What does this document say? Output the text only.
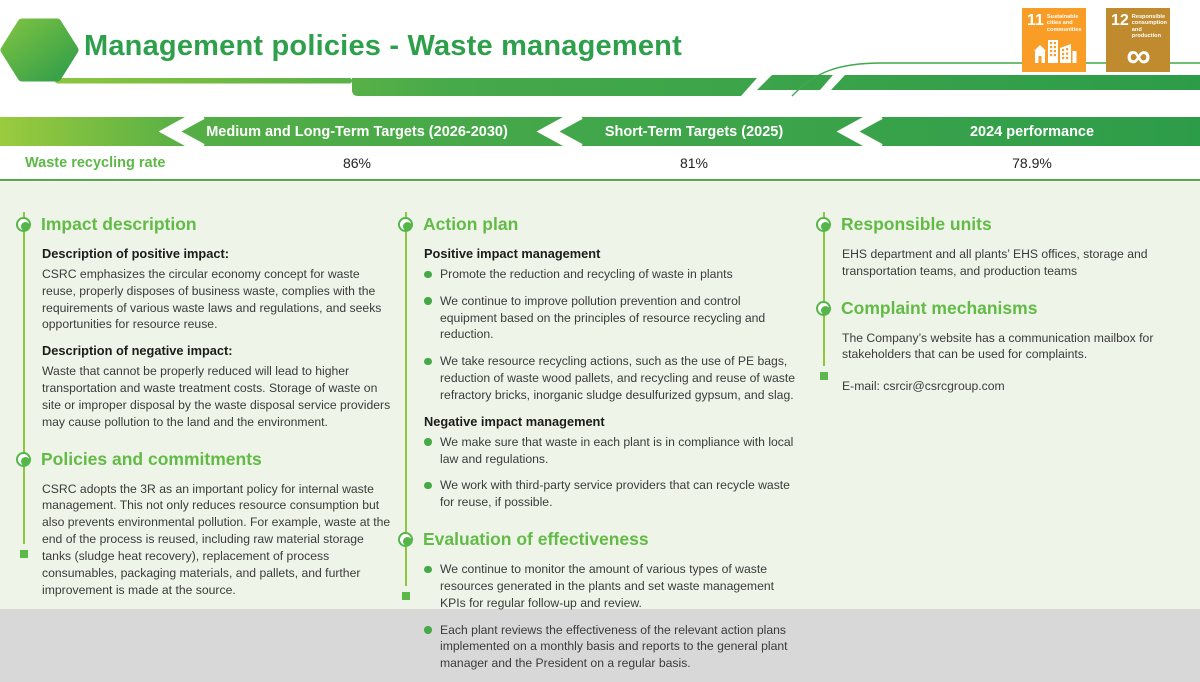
Management policies - Waste management
11 Sustainable cities and communities
12 Responsible consumption and production
∞
Medium and Long-Term Targets (2026-2030)	Short-Term Targets (2025)	2024 performance
Waste recycling rate	86%	81%	78.9%
Impact description
Description of positive impact:

CSRC emphasizes the circular economy concept for waste reuse, properly disposes of business waste, complies with the requirements of various waste laws and regulations, and seeks opportunities for resource reuse.

Description of negative impact:

Waste that cannot be properly reduced will lead to higher transportation and waste treatment costs. Storage of waste on site or improper disposal by the waste disposal service providers may cause pollution to the land and the environment.

Policies and commitments

CSRC adopts the 3R as an important policy for internal waste management. This not only reduces resource consumption but also prevents environmental pollution. For example, waste at the end of the process is reused, including raw material storage tanks (sludge heat recovery), replacement of process consumables, packaging materials, and pallets, and further improvement is made at the source.

Action plan
Positive impact management
Promote the reduction and recycling of waste in plants
We continue to improve pollution prevention and control equipment based on the principles of resource recycling and reduction.
We take resource recycling actions, such as the use of PE bags, reduction of waste wood pallets, and recycling and reuse of waste refractory bricks, inorganic sludge desulfurized gypsum, and slag.
Negative impact management
We make sure that waste in each plant is in compliance with local law and regulations.
We work with third-party service providers that can recycle waste for reuse, if possible.
Evaluation of effectiveness
We continue to monitor the amount of various types of waste resources generated in the plants and set waste management KPIs for regular follow-up and review.
Each plant reviews the effectiveness of the relevant action plans implemented on a monthly basis and reports to the general plant manager and the President on a regular basis.
Responsible units

EHS department and all plants’ EHS offices, storage and transportation teams, and production teams

Complaint mechanisms

The Company’s website has a communication mailbox for stakeholders that can be used for complaints.

E-mail: csrcir@csrcgroup.com
